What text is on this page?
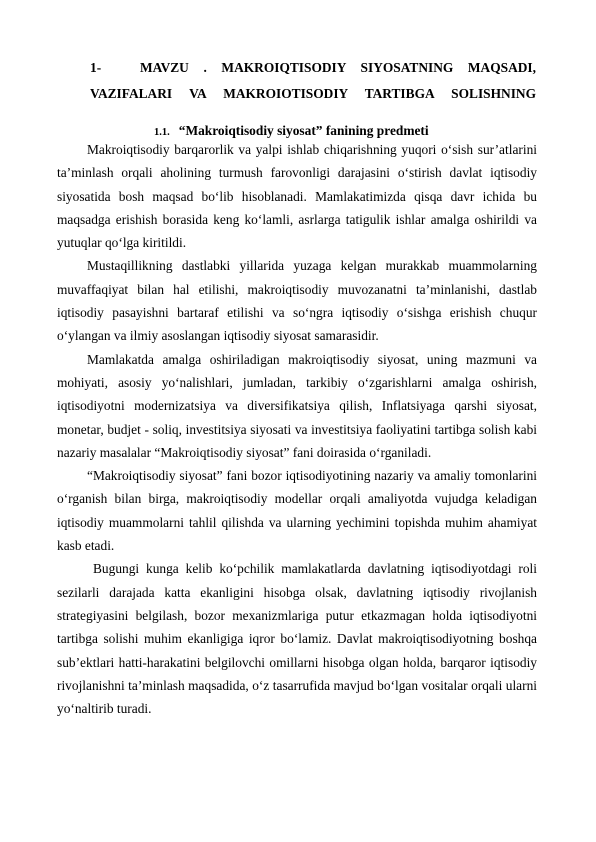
1-	MAVZU . MAKROIQTISODIY SIYOSATNING MAQSADI,
VAZIFALARI VA MAKROIOTISODIY TARTIBGA SOLISHNING
1.1. “Makroiqtisodiy siyosat” fanining predmeti

Makroiqtisodiy barqarorlik va yalpi ishlab chiqarishning yuqori o‘sish sur’atlarini ta’minlash orqali aholining turmush farovonligi darajasini o‘stirish davlat iqtisodiy siyosatida bosh maqsad bo‘lib hisoblanadi. Mamlakatimizda qisqa davr ichida bu maqsadga erishish borasida keng ko‘lamli, asrlarga tatigulik ishlar amalga oshirildi va yutuqlar qo‘lga kiritildi.

Mustaqillikning dastlabki yillarida yuzaga kelgan murakkab muammolarning muvaffaqiyat bilan hal etilishi, makroiqtisodiy muvozanatni ta’minlanishi, dastlab iqtisodiy pasayishni bartaraf etilishi va so‘ngra iqtisodiy o‘sishga erishish chuqur o‘ylangan va ilmiy asoslangan iqtisodiy siyosat samarasidir.

Mamlakatda amalga oshiriladigan makroiqtisodiy siyosat, uning mazmuni va mohiyati, asosiy yo‘nalishlari, jumladan, tarkibiy o‘zgarishlarni amalga oshirish, iqtisodiyotni modernizatsiya va diversifikatsiya qilish, Inflatsiyaga qarshi siyosat, monetar, budjet - soliq, investitsiya siyosati va investitsiya faoliyatini tartibga solish kabi nazariy masalalar “Makroiqtisodiy siyosat” fani doirasida o‘rganiladi.

“Makroiqtisodiy siyosat” fani bozor iqtisodiyotining nazariy va amaliy tomonlarini o‘rganish bilan birga, makroiqtisodiy modellar orqali amaliyotda vujudga keladigan iqtisodiy muammolarni tahlil qilishda va ularning yechimini topishda muhim ahamiyat kasb etadi.

Bugungi kunga kelib ko‘pchilik mamlakatlarda davlatning iqtisodiyotdagi roli sezilarli darajada katta ekanligini hisobga olsak, davlatning iqtisodiy rivojlanish strategiyasini belgilash, bozor mexanizmlariga putur etkazmagan holda iqtisodiyotni tartibga solishi muhim ekanligiga iqror bo‘lamiz. Davlat makroiqtisodiyotning boshqa sub’ektlari hatti-harakatini belgilovchi omillarni hisobga olgan holda, barqaror iqtisodiy rivojlanishni ta’minlash maqsadida, o‘z tasarrufida mavjud bo‘lgan vositalar orqali ularni yo‘naltirib turadi.
